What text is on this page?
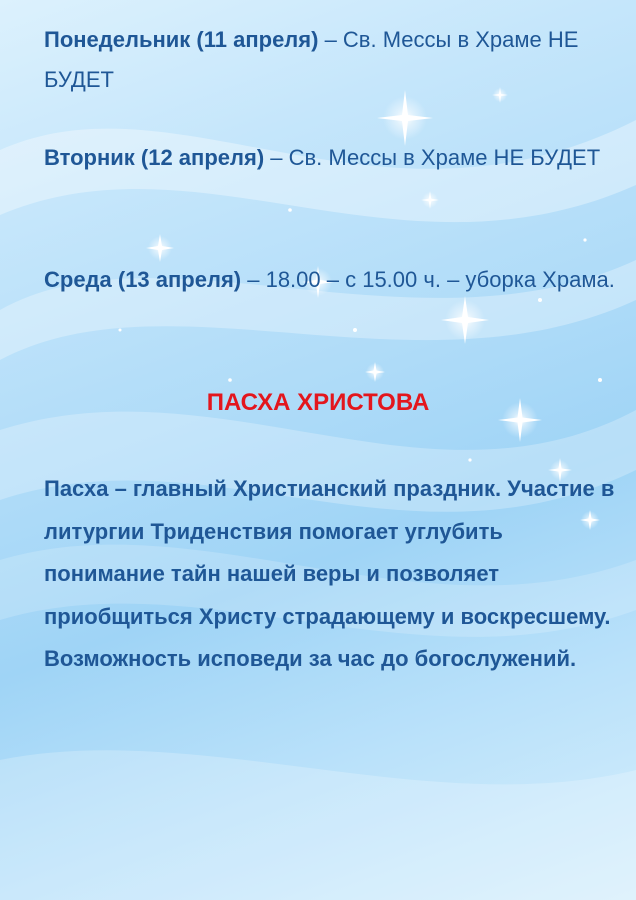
Понедельник (11 апреля) – Св. Мессы в Храме НЕ БУДЕТ

Вторник (12 апреля) – Св. Мессы в Храме НЕ БУДЕТ

Среда (13 апреля) – 18.00 – с 15.00 ч. – уборка Храма.

ПАСХА ХРИСТОВА
Пасха – главный Христианский праздник. Участие в литургии Триденствия помогает углубить понимание тайн нашей веры и позволяет приобщиться Христу страдающему и воскресшему.
Возможность исповеди за час до богослужений.
